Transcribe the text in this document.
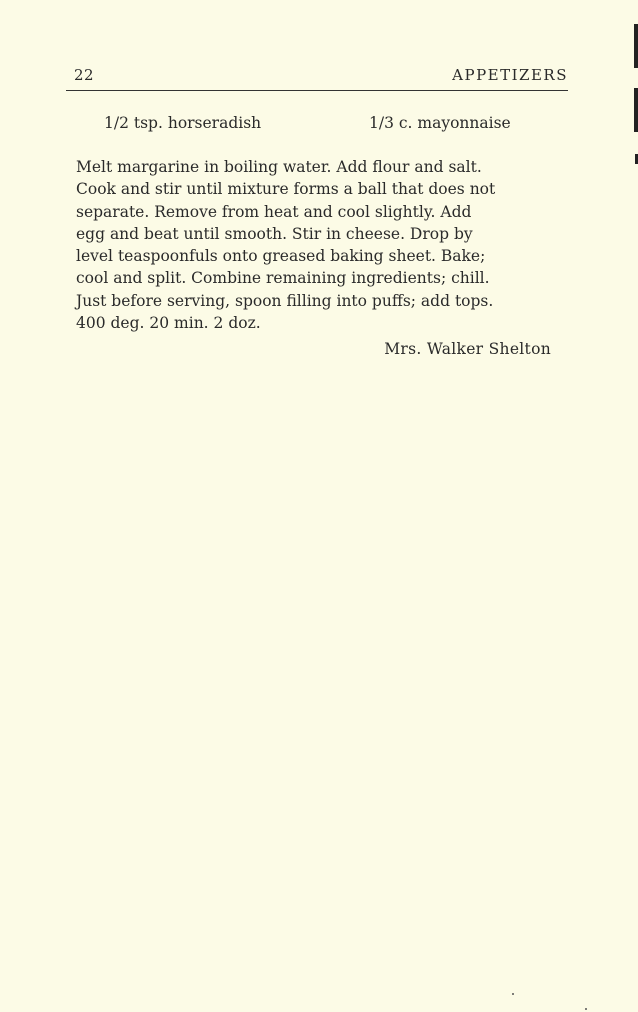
22	APPETIZERS
1/2 tsp. horseradish	1/3 c. mayonnaise
Melt margarine in boiling water. Add flour and salt.
Cook and stir until mixture forms a ball that does not
separate. Remove from heat and cool slightly. Add
egg and beat until smooth. Stir in cheese. Drop by
level teaspoonfuls onto greased baking sheet. Bake;
cool and split. Combine remaining ingredients; chill.
Just before serving, spoon filling into puffs; add tops.
400 deg. 20 min. 2 doz.
Mrs. Walker Shelton
